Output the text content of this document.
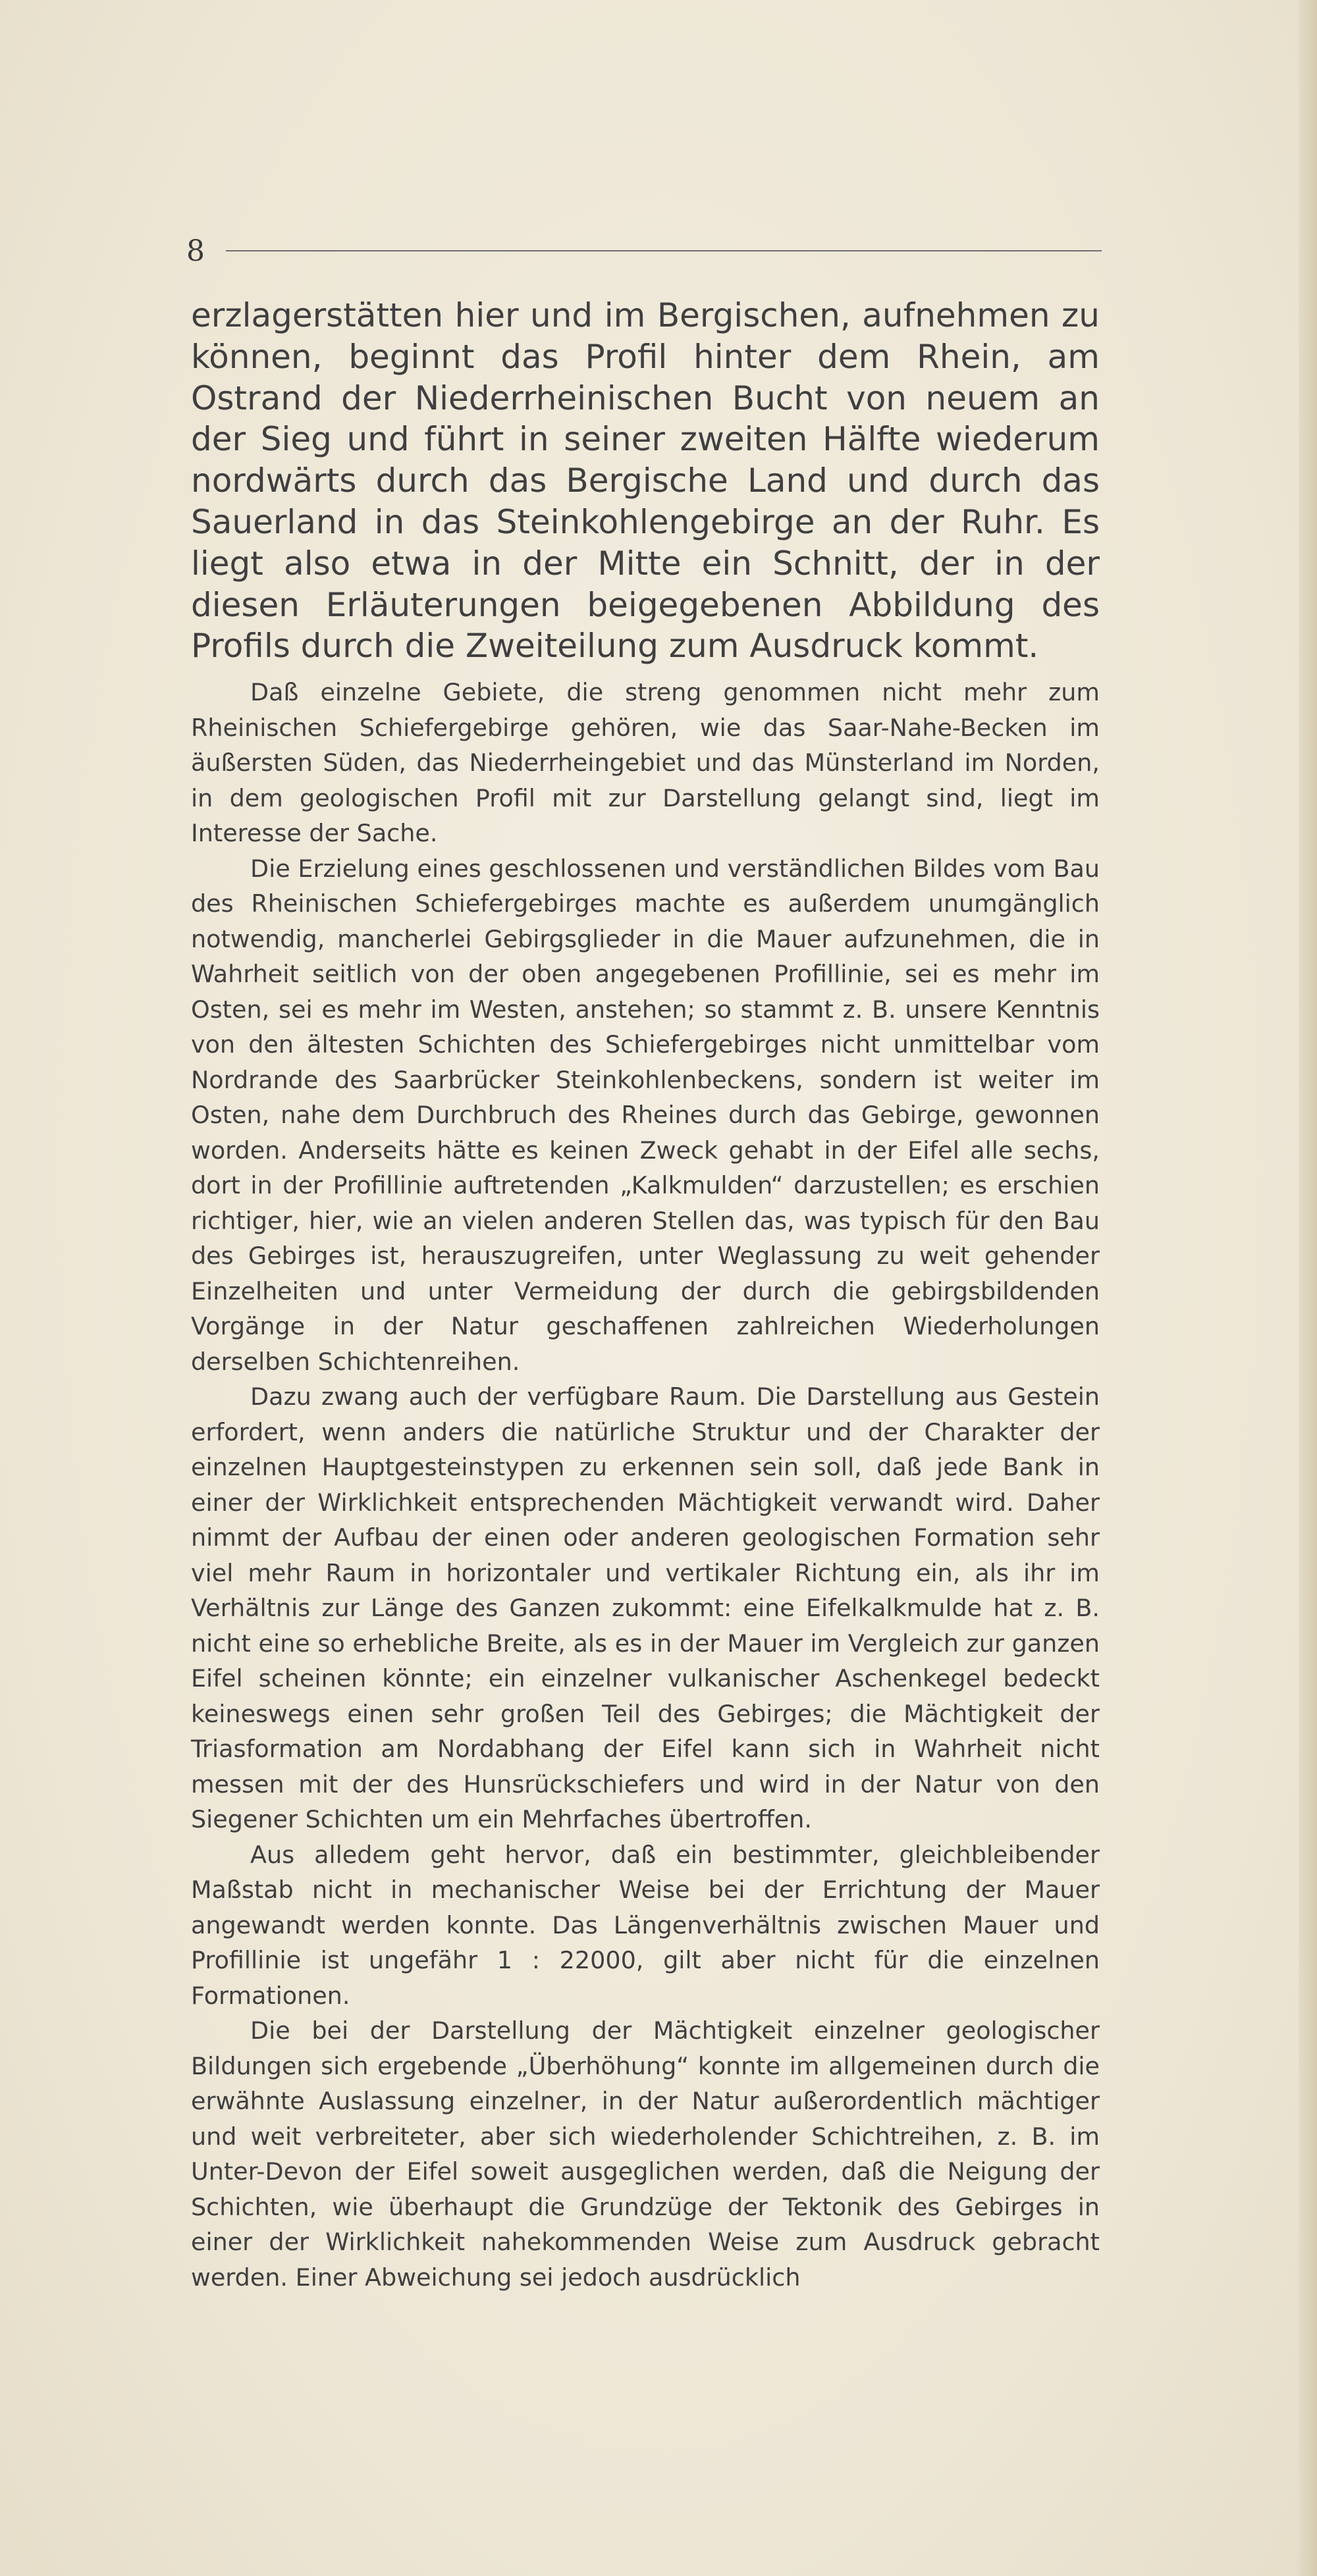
8

erzlagerstätten hier und im Bergischen, aufnehmen zu können, beginnt das Profil hinter dem Rhein, am Ostrand der Niederrheinischen Bucht von neuem an der Sieg und führt in seiner zweiten Hälfte wiederum nordwärts durch das Bergische Land und durch das Sauerland in das Steinkohlengebirge an der Ruhr. Es liegt also etwa in der Mitte ein Schnitt, der in der diesen Erläuterungen beigegebenen Abbildung des Profils durch die Zweiteilung zum Ausdruck kommt.

Daß einzelne Gebiete, die streng genommen nicht mehr zum Rheinischen Schiefergebirge gehören, wie das Saar-Nahe-Becken im äußersten Süden, das Niederrheingebiet und das Münsterland im Norden, in dem geologischen Profil mit zur Darstellung gelangt sind, liegt im Interesse der Sache.

Die Erzielung eines geschlossenen und verständlichen Bildes vom Bau des Rheinischen Schiefergebirges machte es außerdem unumgänglich notwendig, mancherlei Gebirgsglieder in die Mauer aufzunehmen, die in Wahrheit seitlich von der oben angegebenen Profillinie, sei es mehr im Osten, sei es mehr im Westen, anstehen; so stammt z. B. unsere Kenntnis von den ältesten Schichten des Schiefergebirges nicht unmittelbar vom Nordrande des Saarbrücker Steinkohlenbeckens, sondern ist weiter im Osten, nahe dem Durchbruch des Rheines durch das Gebirge, gewonnen worden. Anderseits hätte es keinen Zweck gehabt in der Eifel alle sechs, dort in der Profillinie auftretenden „Kalkmulden“ darzustellen; es erschien richtiger, hier, wie an vielen anderen Stellen das, was typisch für den Bau des Gebirges ist, herauszugreifen, unter Weglassung zu weit gehender Einzelheiten und unter Vermeidung der durch die gebirgsbildenden Vorgänge in der Natur geschaffenen zahlreichen Wiederholungen derselben Schichtenreihen.

Dazu zwang auch der verfügbare Raum. Die Darstellung aus Gestein erfordert, wenn anders die natürliche Struktur und der Charakter der einzelnen Hauptgesteinstypen zu erkennen sein soll, daß jede Bank in einer der Wirklichkeit entsprechenden Mächtigkeit verwandt wird. Daher nimmt der Aufbau der einen oder anderen geologischen Formation sehr viel mehr Raum in horizontaler und vertikaler Richtung ein, als ihr im Verhältnis zur Länge des Ganzen zukommt: eine Eifelkalkmulde hat z. B. nicht eine so erhebliche Breite, als es in der Mauer im Vergleich zur ganzen Eifel scheinen könnte; ein einzelner vulkanischer Aschenkegel bedeckt keineswegs einen sehr großen Teil des Gebirges; die Mächtigkeit der Triasformation am Nordabhang der Eifel kann sich in Wahrheit nicht messen mit der des Hunsrückschiefers und wird in der Natur von den Siegener Schichten um ein Mehrfaches übertroffen.

Aus alledem geht hervor, daß ein bestimmter, gleichbleibender Maßstab nicht in mechanischer Weise bei der Errichtung der Mauer angewandt werden konnte. Das Längenverhältnis zwischen Mauer und Profillinie ist ungefähr 1 : 22000, gilt aber nicht für die einzelnen Formationen.

Die bei der Darstellung der Mächtigkeit einzelner geologischer Bildungen sich ergebende „Überhöhung“ konnte im allgemeinen durch die erwähnte Auslassung einzelner, in der Natur außerordentlich mächtiger und weit verbreiteter, aber sich wiederholender Schichtreihen, z. B. im Unter-Devon der Eifel soweit ausgeglichen werden, daß die Neigung der Schichten, wie überhaupt die Grundzüge der Tektonik des Gebirges in einer der Wirklichkeit nahekommenden Weise zum Ausdruck gebracht werden. Einer Abweichung sei jedoch ausdrücklich
